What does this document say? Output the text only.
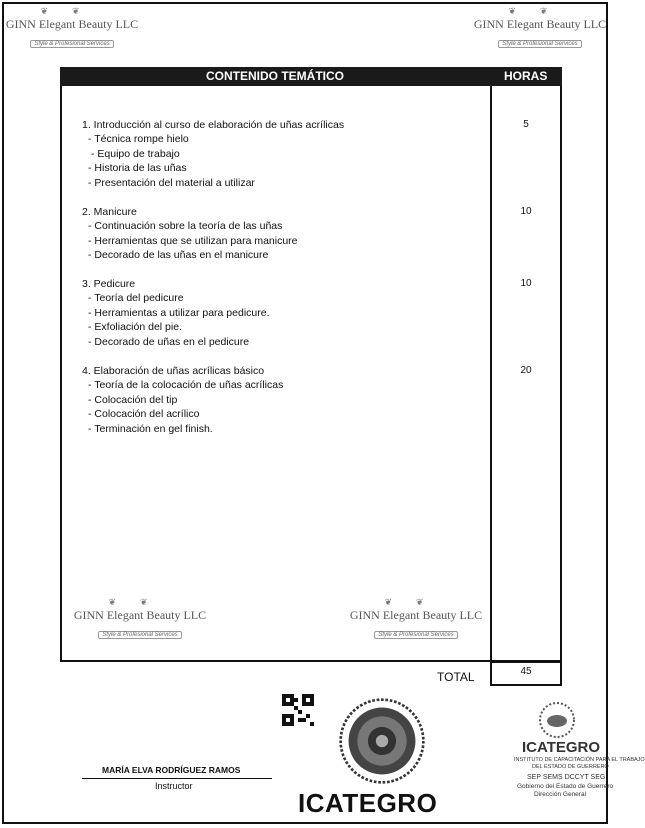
❦❦
GINN Elegant Beauty LLC
Style & Profesional Services
❦❦
GINN Elegant Beauty LLC
Style & Profesional Services
❦❦
GINN Elegant Beauty LLC
Style & Profesional Services
❦❦
GINN Elegant Beauty LLC
Style & Profesional Services
CONTENIDO TEMÁTICO	HORAS
1. Introducción al curso de elaboración de uñas acrílicas	5
- Técnica rompe hielo
- Equipo de trabajo
- Historia de las uñas
- Presentación del material a utilizar
2. Manicure	10
- Continuación sobre la teoría de las uñas
- Herramientas que se utilizan para manicure
- Decorado de las uñas en el manicure
3. Pedicure	10
- Teoría del pedicure
- Herramientas a utilizar para pedicure.
- Exfoliación del pie.
- Decorado de uñas en el pedicure
4. Elaboración de uñas acrílicas básico	20
- Teoría de la colocación de uñas acrílicas
- Colocación del tip
- Colocación del acrílico
- Terminación en gel finish.
TOTAL	45
ICATEGRO
ICATEGRO
INSTITUTO DE CAPACITACIÓN PARA EL TRABAJO
DEL ESTADO DE GUERRERO
SEP SEMS DCCYT SEG
Gobierno del Estado de Guerrero
Dirección General
MARÍA ELVA RODRÍGUEZ RAMOS
Instructor
